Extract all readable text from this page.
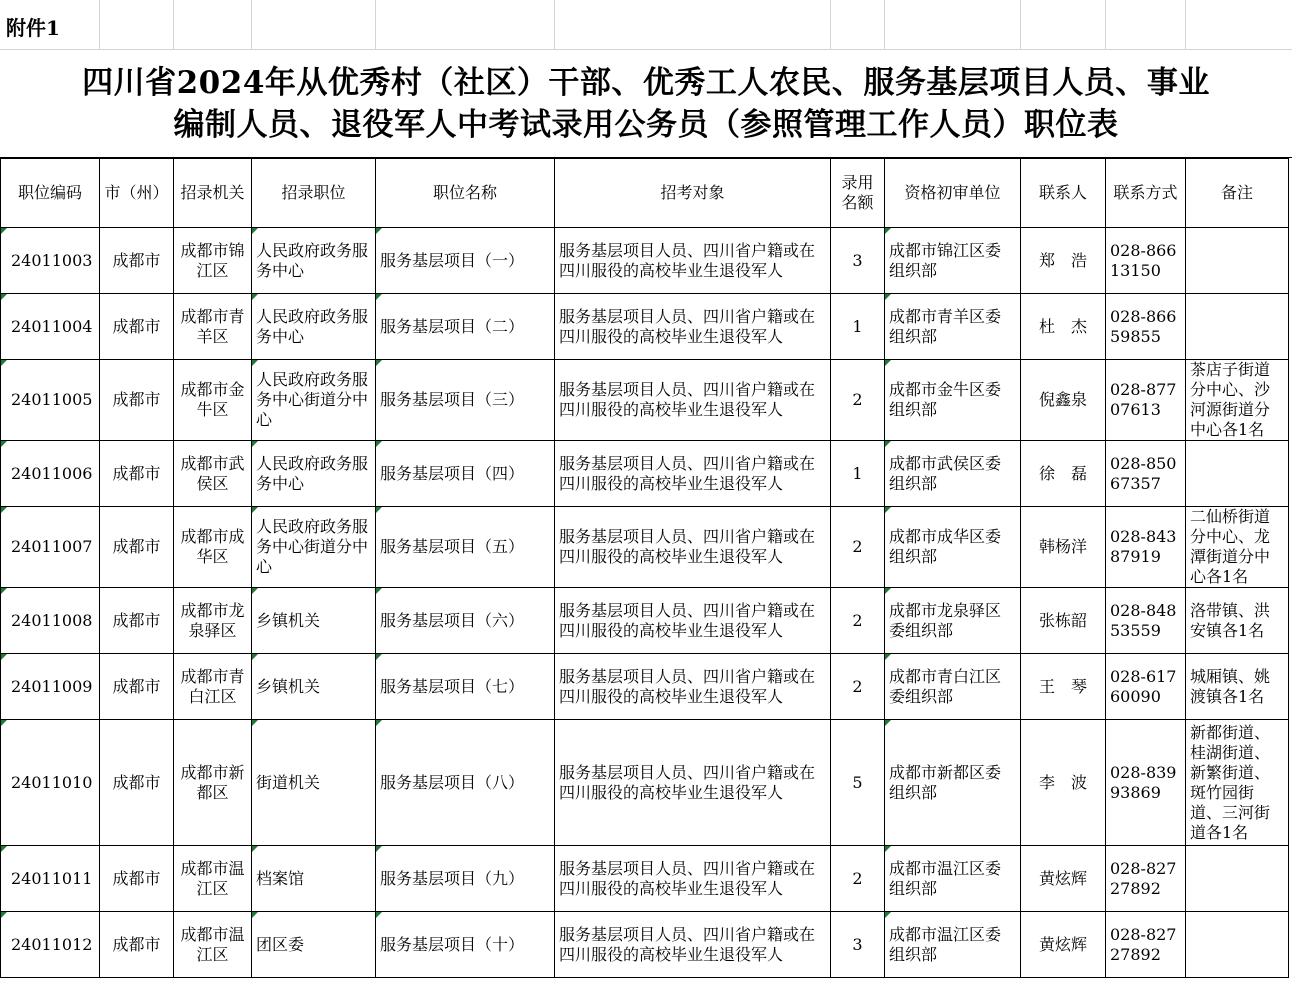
附件1
四川省2024年从优秀村（社区）干部、优秀工人农民、服务基层项目人员、事业
编制人员、退役军人中考试录用公务员（参照管理工作人员）职位表
职位编码	市（州）	招录机关	招录职位	职位名称	招考对象	录用名额	资格初审单位	联系人	联系方式	备注

24011003	成都市	成都市锦江区	人民政府政务服务中心	服务基层项目（一）	服务基层项目人员、四川省户籍或在四川服役的高校毕业生退役军人	3	成都市锦江区委组织部	郑　浩	028-86613150	

24011004	成都市	成都市青羊区	人民政府政务服务中心	服务基层项目（二）	服务基层项目人员、四川省户籍或在四川服役的高校毕业生退役军人	1	成都市青羊区委组织部	杜　杰	028-86659855	

24011005	成都市	成都市金牛区	人民政府政务服务中心街道分中心	服务基层项目（三）	服务基层项目人员、四川省户籍或在四川服役的高校毕业生退役军人	2	成都市金牛区委组织部	倪鑫泉	028-87707613	茶店子街道分中心、沙河源街道分中心各1名

24011006	成都市	成都市武侯区	人民政府政务服务中心	服务基层项目（四）	服务基层项目人员、四川省户籍或在四川服役的高校毕业生退役军人	1	成都市武侯区委组织部	徐　磊	028-85067357	

24011007	成都市	成都市成华区	人民政府政务服务中心街道分中心	服务基层项目（五）	服务基层项目人员、四川省户籍或在四川服役的高校毕业生退役军人	2	成都市成华区委组织部	韩杨洋	028-84387919	二仙桥街道分中心、龙潭街道分中心各1名

24011008	成都市	成都市龙泉驿区	乡镇机关	服务基层项目（六）	服务基层项目人员、四川省户籍或在四川服役的高校毕业生退役军人	2	成都市龙泉驿区委组织部	张栋韶	028-84853559	洛带镇、洪安镇各1名

24011009	成都市	成都市青白江区	乡镇机关	服务基层项目（七）	服务基层项目人员、四川省户籍或在四川服役的高校毕业生退役军人	2	成都市青白江区委组织部	王　琴	028-61760090	城厢镇、姚渡镇各1名

24011010	成都市	成都市新都区	街道机关	服务基层项目（八）	服务基层项目人员、四川省户籍或在四川服役的高校毕业生退役军人	5	成都市新都区委组织部	李　波	028-83993869	新都街道、桂湖街道、新繁街道、斑竹园街道、三河街道各1名

24011011	成都市	成都市温江区	档案馆	服务基层项目（九）	服务基层项目人员、四川省户籍或在四川服役的高校毕业生退役军人	2	成都市温江区委组织部	黄炫辉	028-82727892	

24011012	成都市	成都市温江区	团区委	服务基层项目（十）	服务基层项目人员、四川省户籍或在四川服役的高校毕业生退役军人	3	成都市温江区委组织部	黄炫辉	028-82727892	
